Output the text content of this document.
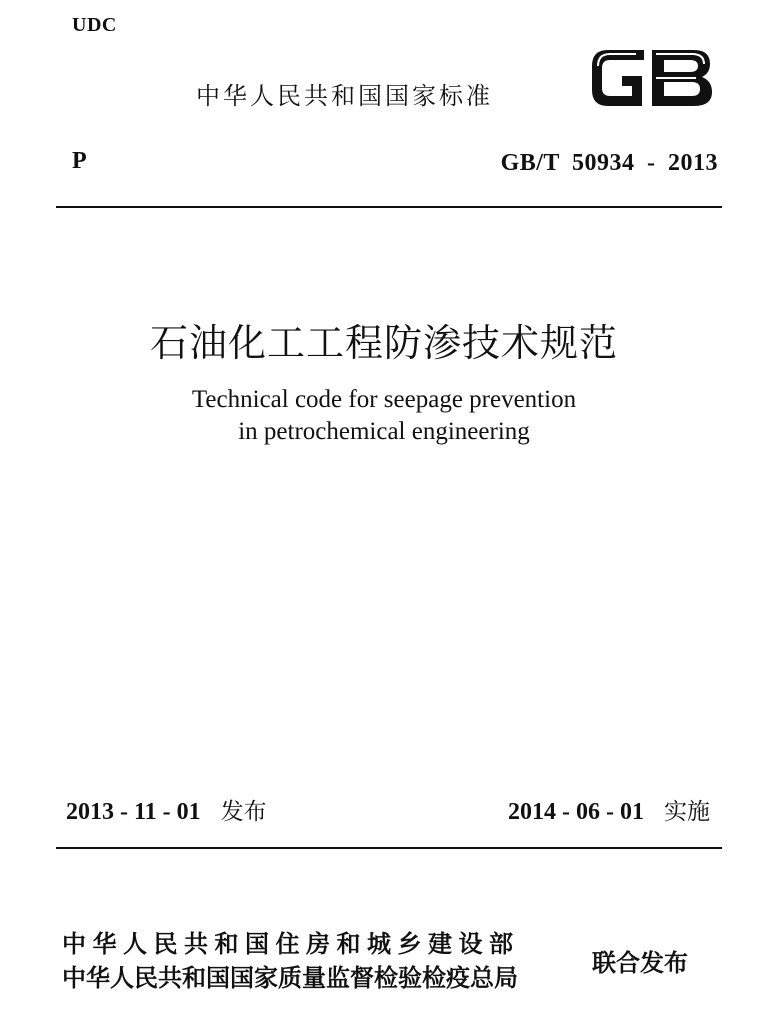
UDC
中华人民共和国国家标准
P	GB/T 50934 - 2013
石油化工工程防渗技术规范
Technical code for seepage prevention
in petrochemical engineering
2013 - 11 - 01 发布	2014 - 06 - 01 实施
中华人民共和国住房和城乡建设部
中华人民共和国国家质量监督检验检疫总局
联合发布
